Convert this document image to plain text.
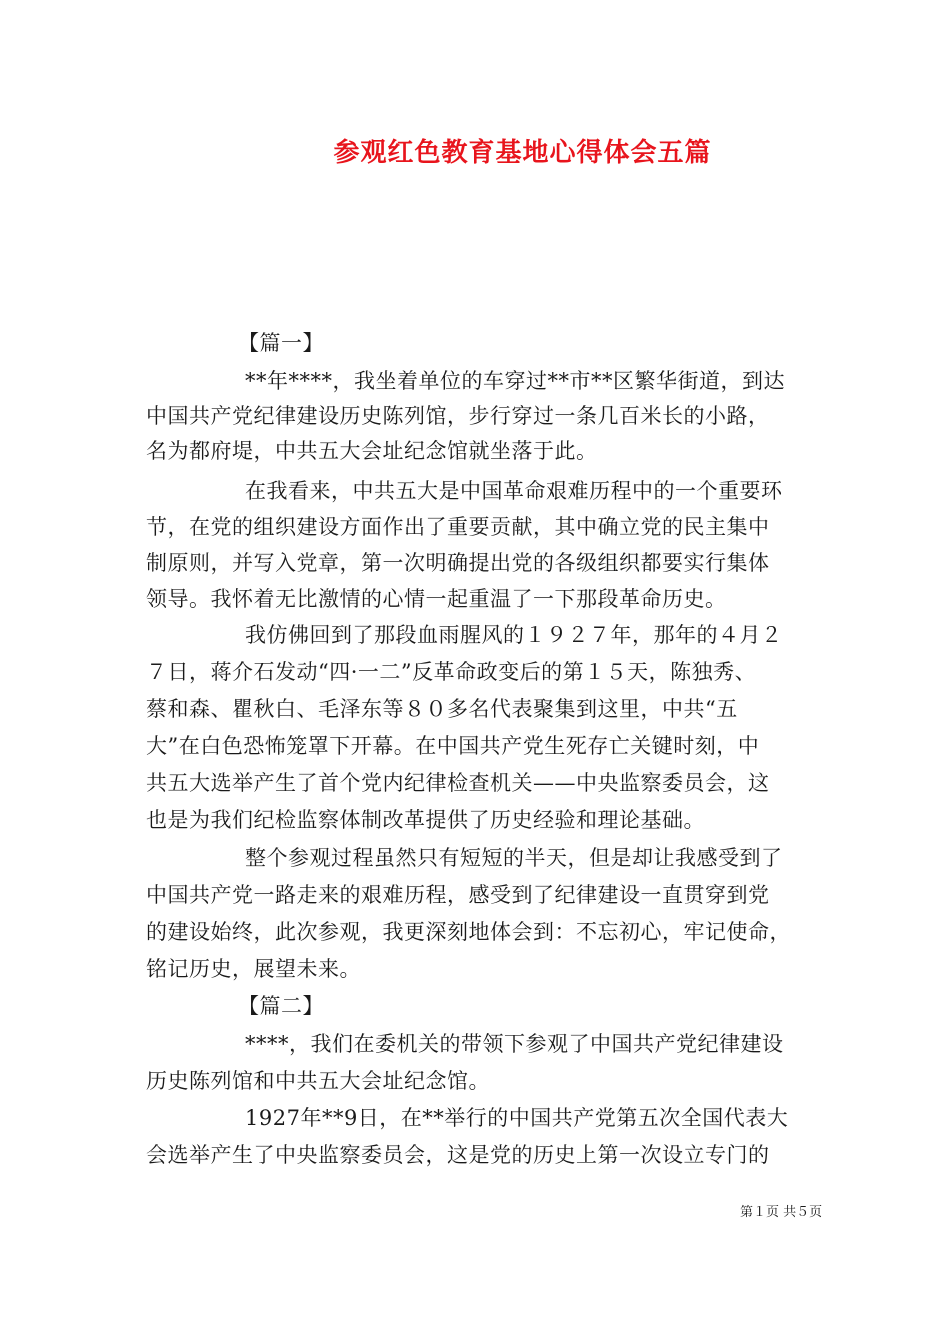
参观红色教育基地心得体会五篇
【篇一】
**年****，我坐着单位的车穿过**市**区繁华街道，到达
中国共产党纪律建设历史陈列馆，步行穿过一条几百米长的小路，
名为都府堤，中共五大会址纪念馆就坐落于此。
在我看来，中共五大是中国革命艰难历程中的一个重要环
节，在党的组织建设方面作出了重要贡献，其中确立党的民主集中
制原则，并写入党章，第一次明确提出党的各级组织都要实行集体
领导。我怀着无比激情的心情一起重温了一下那段革命历史。
我仿佛回到了那段血雨腥风的１９２７年，那年的４月２
７日，蒋介石发动“四·一二”反革命政变后的第１５天，陈独秀、
蔡和森、瞿秋白、毛泽东等８０多名代表聚集到这里，中共“五
大”在白色恐怖笼罩下开幕。在中国共产党生死存亡关键时刻，中
共五大选举产生了首个党内纪律检查机关——中央监察委员会，这
也是为我们纪检监察体制改革提供了历史经验和理论基础。
整个参观过程虽然只有短短的半天，但是却让我感受到了
中国共产党一路走来的艰难历程，感受到了纪律建设一直贯穿到党
的建设始终，此次参观，我更深刻地体会到：不忘初心，牢记使命，
铭记历史，展望未来。
【篇二】
****，我们在委机关的带领下参观了中国共产党纪律建设
历史陈列馆和中共五大会址纪念馆。
1927年**9日，在**举行的中国共产党第五次全国代表大
会选举产生了中央监察委员会，这是党的历史上第一次设立专门的
第１页 共５页
